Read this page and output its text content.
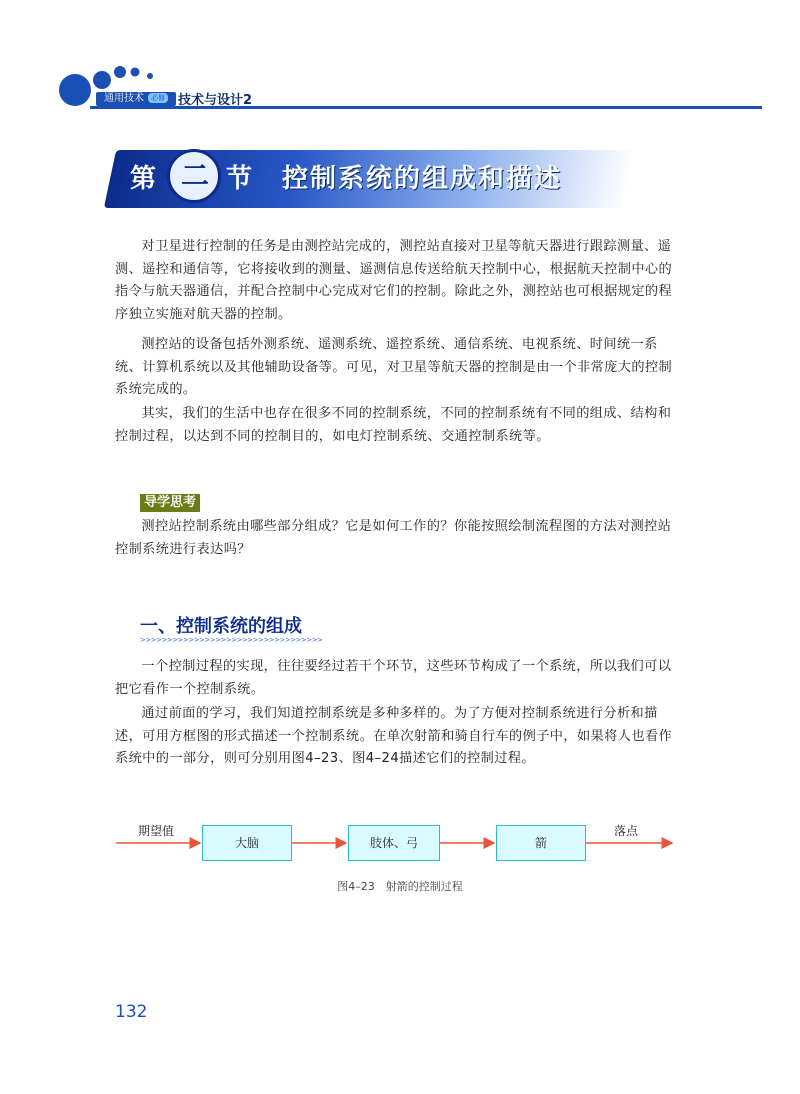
通用技术 必修	技术与设计2
第 二 节 控制系统的组成和描述

对卫星进行控制的任务是由测控站完成的，测控站直接对卫星等航天器进行跟踪测量、遥测、遥控和通信等，它将接收到的测量、遥测信息传送给航天控制中心，根据航天控制中心的指令与航天器通信，并配合控制中心完成对它们的控制。除此之外，测控站也可根据规定的程序独立实施对航天器的控制。

测控站的设备包括外测系统、遥测系统、遥控系统、通信系统、电视系统、时间统一系统、计算机系统以及其他辅助设备等。可见，对卫星等航天器的控制是由一个非常庞大的控制系统完成的。

其实，我们的生活中也存在很多不同的控制系统，不同的控制系统有不同的组成、结构和控制过程，以达到不同的控制目的，如电灯控制系统、交通控制系统等。

导学思考

测控站控制系统由哪些部分组成？它是如何工作的？你能按照绘制流程图的方法对测控站控制系统进行表达吗？

一、控制系统的组成
>>>>>>>>>>>>>>>>>>>>>>>>>>>>>>>>>>

一个控制过程的实现，往往要经过若干个环节，这些环节构成了一个系统，所以我们可以把它看作一个控制系统。

通过前面的学习，我们知道控制系统是多种多样的。为了方便对控制系统进行分析和描述，可用方框图的形式描述一个控制系统。在单次射箭和骑自行车的例子中，如果将人也看作系统中的一部分，则可分别用图4–23、图4–24描述它们的控制过程。

期望值	落点
大脑	肢体、弓	箭
图4–23　射箭的控制过程
132
